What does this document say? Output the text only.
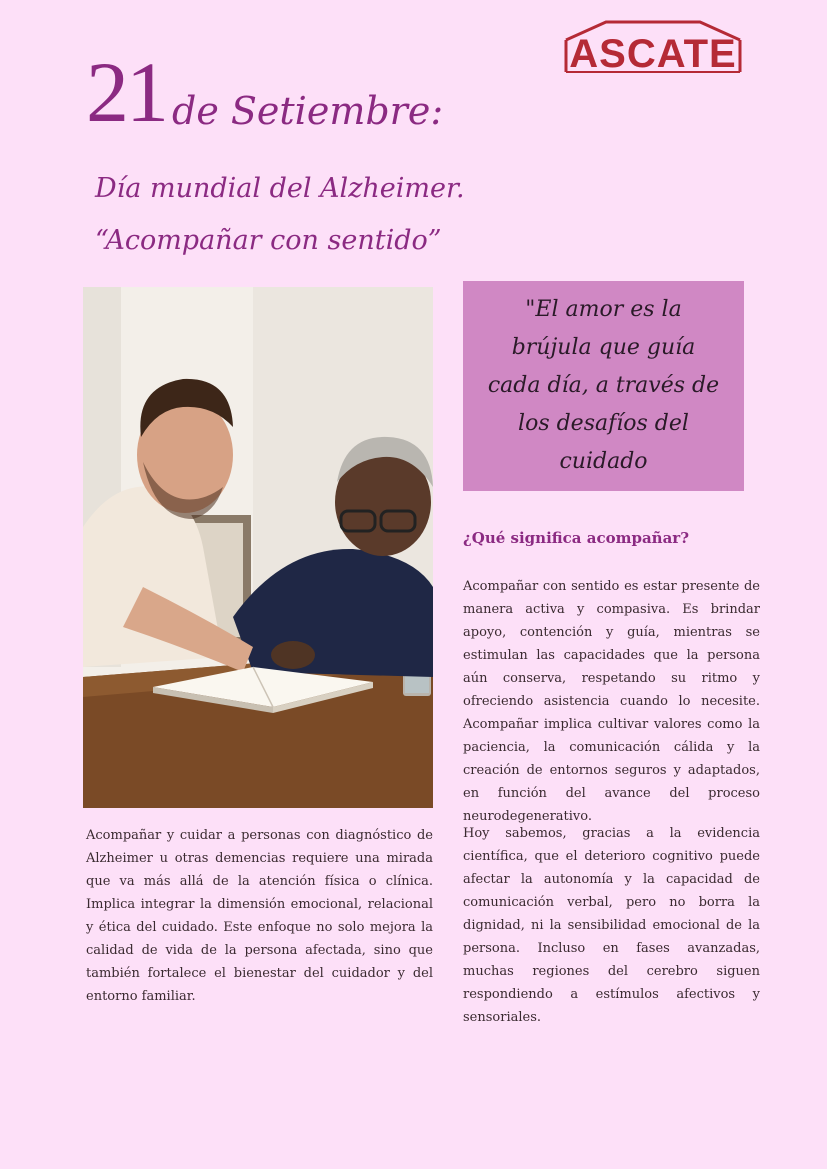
ASCATE
21 de Setiembre:
Día mundial del Alzheimer.
“Acompañar con sentido”
"El amor es la brújula que guía cada día, a través de los desafíos del cuidado
¿Qué significa acompañar?

Acompañar con sentido es estar presente de manera activa y compasiva. Es brindar apoyo, contención y guía, mientras se estimulan las capacidades que la persona aún conserva, respetando su ritmo y ofreciendo asistencia cuando lo necesite. Acompañar implica cultivar valores como la paciencia, la comunicación cálida y la creación de entornos seguros y adaptados, en función del avance del proceso neurodegenerativo.

Hoy sabemos, gracias a la evidencia científica, que el deterioro cognitivo puede afectar la autonomía y la capacidad de comunicación verbal, pero no borra la dignidad, ni la sensibilidad emocional de la persona. Incluso en fases avanzadas, muchas regiones del cerebro siguen respondiendo a estímulos afectivos y sensoriales.

Acompañar y cuidar a personas con diagnóstico de Alzheimer u otras demencias requiere una mirada que va más allá de la atención física o clínica. Implica integrar la dimensión emocional, relacional y ética del cuidado. Este enfoque no solo mejora la calidad de vida de la persona afectada, sino que también fortalece el bienestar del cuidador y del entorno familiar.
